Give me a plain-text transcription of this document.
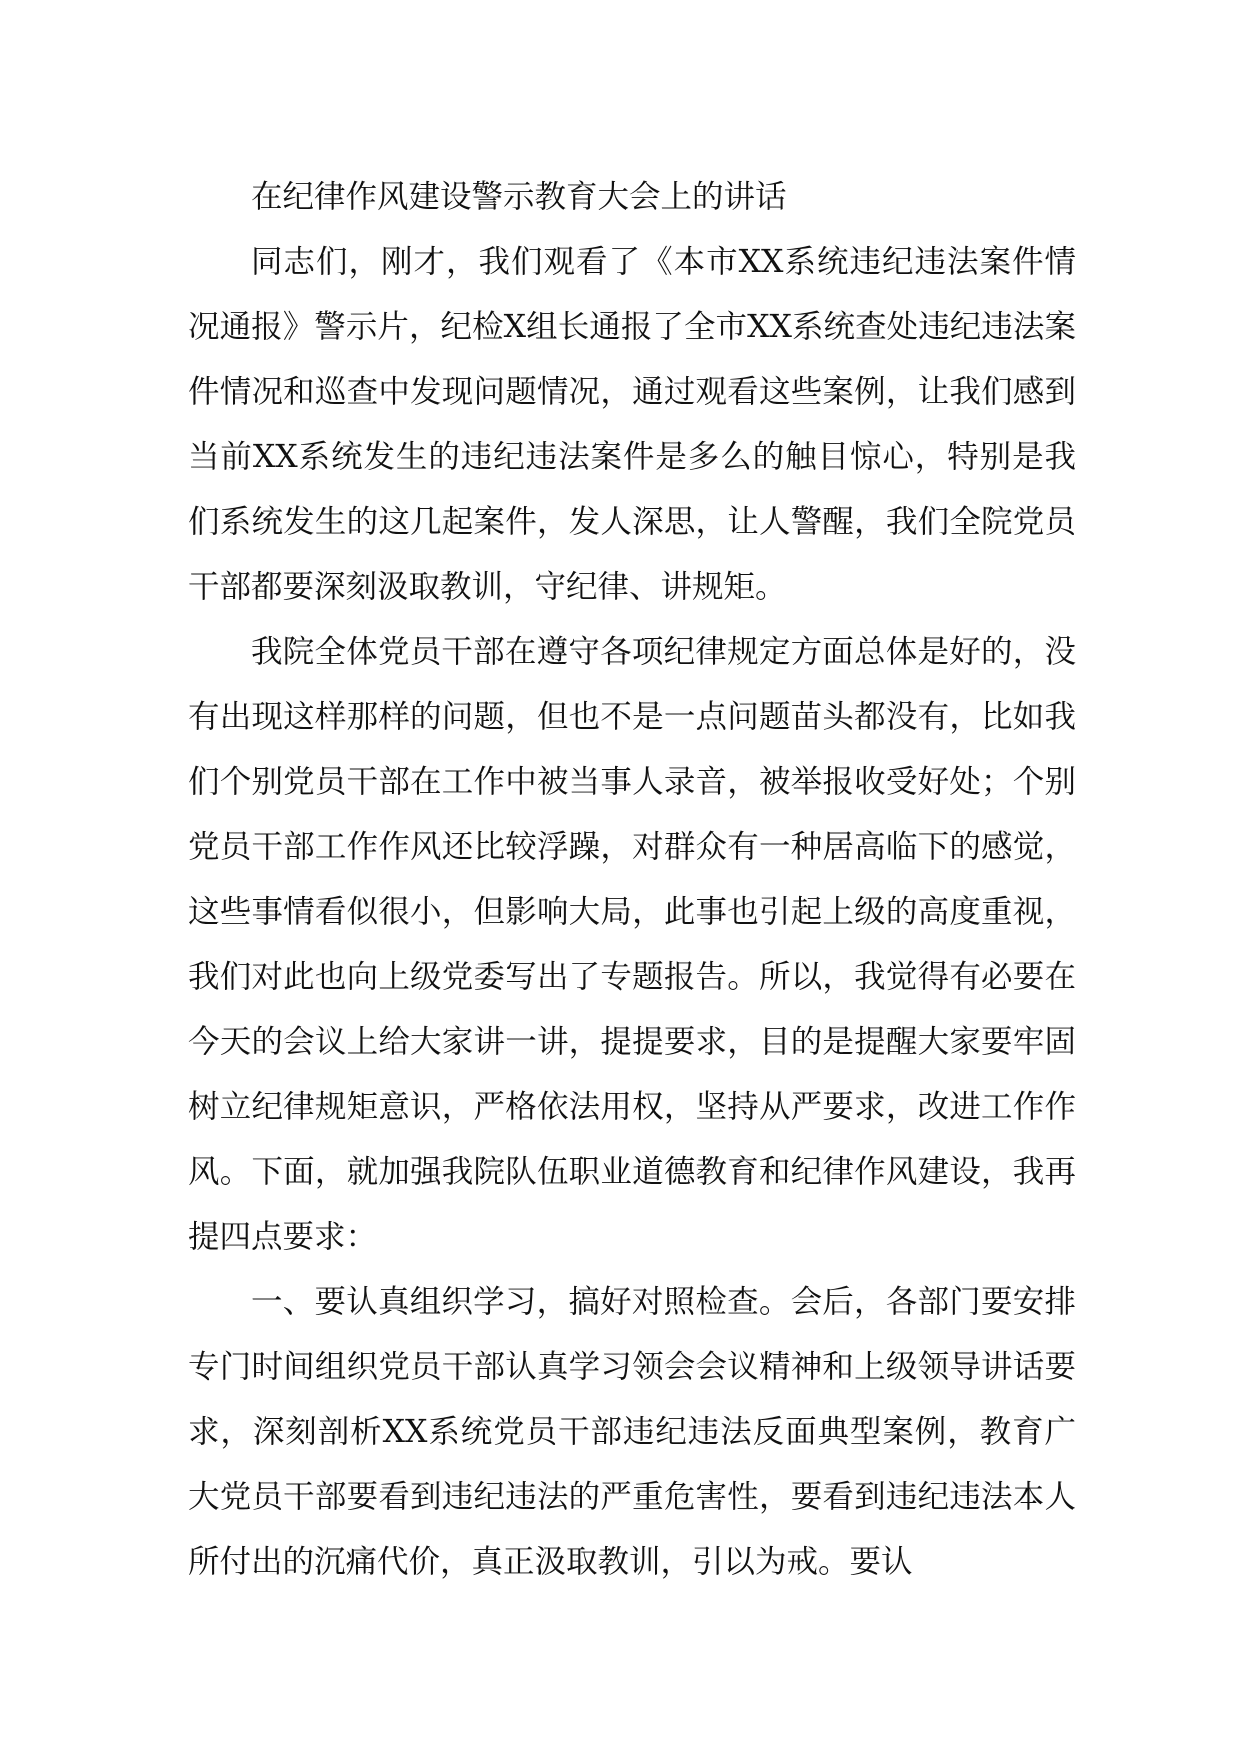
在纪律作风建设警示教育大会上的讲话

同志们，刚才，我们观看了《本市XX系统违纪违法案件情况通报》警示片，纪检X组长通报了全市XX系统查处违纪违法案件情况和巡查中发现问题情况，通过观看这些案例，让我们感到当前XX系统发生的违纪违法案件是多么的触目惊心，特别是我们系统发生的这几起案件，发人深思，让人警醒，我们全院党员干部都要深刻汲取教训，守纪律、讲规矩。

我院全体党员干部在遵守各项纪律规定方面总体是好的，没有出现这样那样的问题，但也不是一点问题苗头都没有，比如我们个别党员干部在工作中被当事人录音，被举报收受好处；个别党员干部工作作风还比较浮躁，对群众有一种居高临下的感觉，这些事情看似很小，但影响大局，此事也引起上级的高度重视，我们对此也向上级党委写出了专题报告。所以，我觉得有必要在今天的会议上给大家讲一讲，提提要求，目的是提醒大家要牢固树立纪律规矩意识，严格依法用权，坚持从严要求，改进工作作风。下面，就加强我院队伍职业道德教育和纪律作风建设，我再提四点要求：

一、要认真组织学习，搞好对照检查。会后，各部门要安排专门时间组织党员干部认真学习领会会议精神和上级领导讲话要求，深刻剖析XX系统党员干部违纪违法反面典型案例，教育广大党员干部要看到违纪违法的严重危害性，要看到违纪违法本人所付出的沉痛代价，真正汲取教训，引以为戒。要认
